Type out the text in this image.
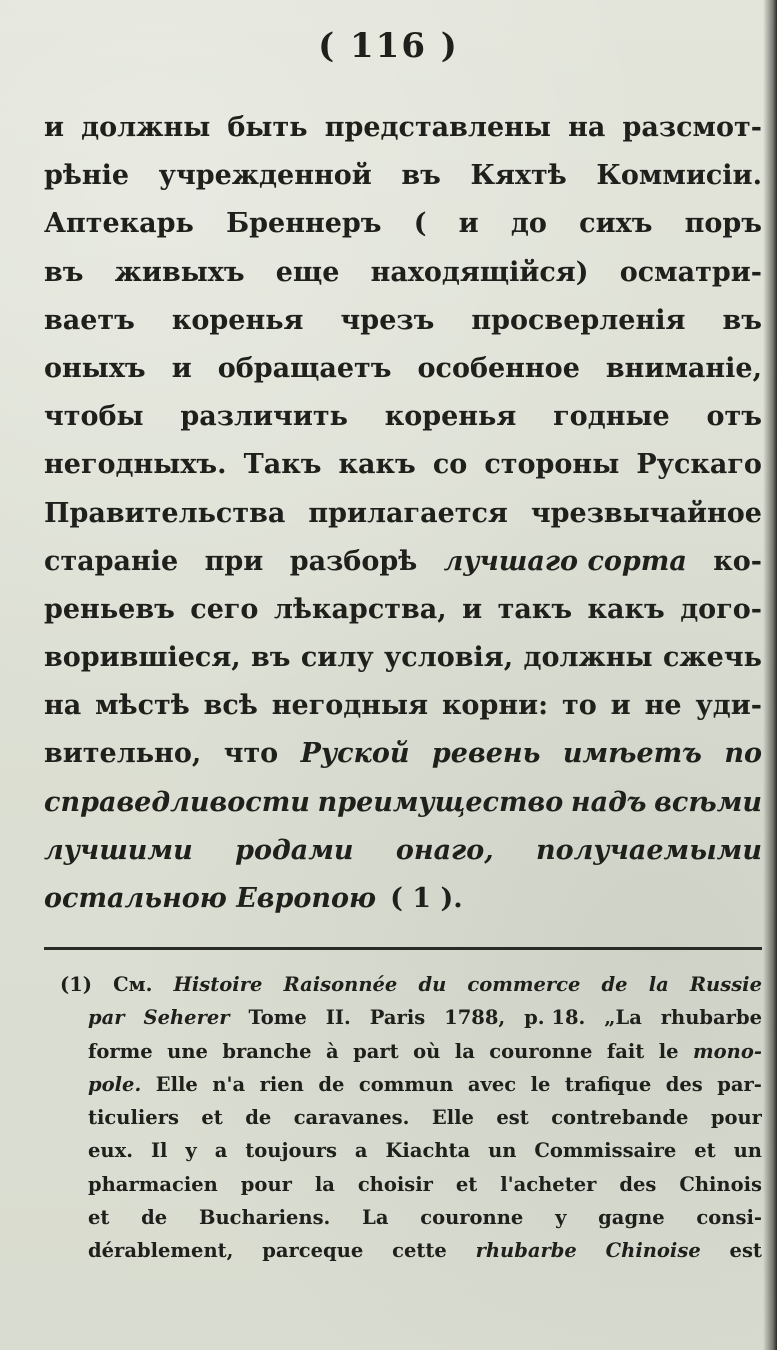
( 116 )
и должны быть представлены на разсмот-
рѣніе учрежденной въ Кяхтѣ Коммисіи.
Аптекарь Бреннеръ ( и до сихъ поръ
въ живыхъ еще находящійся) осматри-
ваетъ коренья чрезъ просверленія въ
оныхъ и обращаетъ особенное вниманіе,
чтобы различить коренья годные отъ
негодныхъ. Такъ какъ со стороны Рускаго
Правительства прилагается чрезвычайное
стараніе при разборѣ лучшаго сорта ко-
реньевъ сего лѣкарства, и такъ какъ дого-
ворившіеся, въ силу условія, должны сжечь
на мѣстѣ всѣ негодныя корни: то и не уди-
вительно, что Руской ревень имѣетъ по
справедливости преимущество надъ всѣми
лучшими родами онаго, получаемыми
остальною Европою ( 1 ).
(1) См. Histoire Raisonnée du commerce de la Russie
par Seherer Tome II. Paris 1788, p. 18. „La rhubarbe
forme une branche à part où la couronne fait le mono-
pole. Elle n'a rien de commun avec le trafique des par-
ticuliers et de caravanes. Elle est contrebande pour
eux. Il y a toujours a Kiachta un Commissaire et un
pharmacien pour la choisir et l'acheter des Chinois
et de Buchariens. La couronne y gagne consi-
dérablement, parceque cette rhubarbe Chinoise est
